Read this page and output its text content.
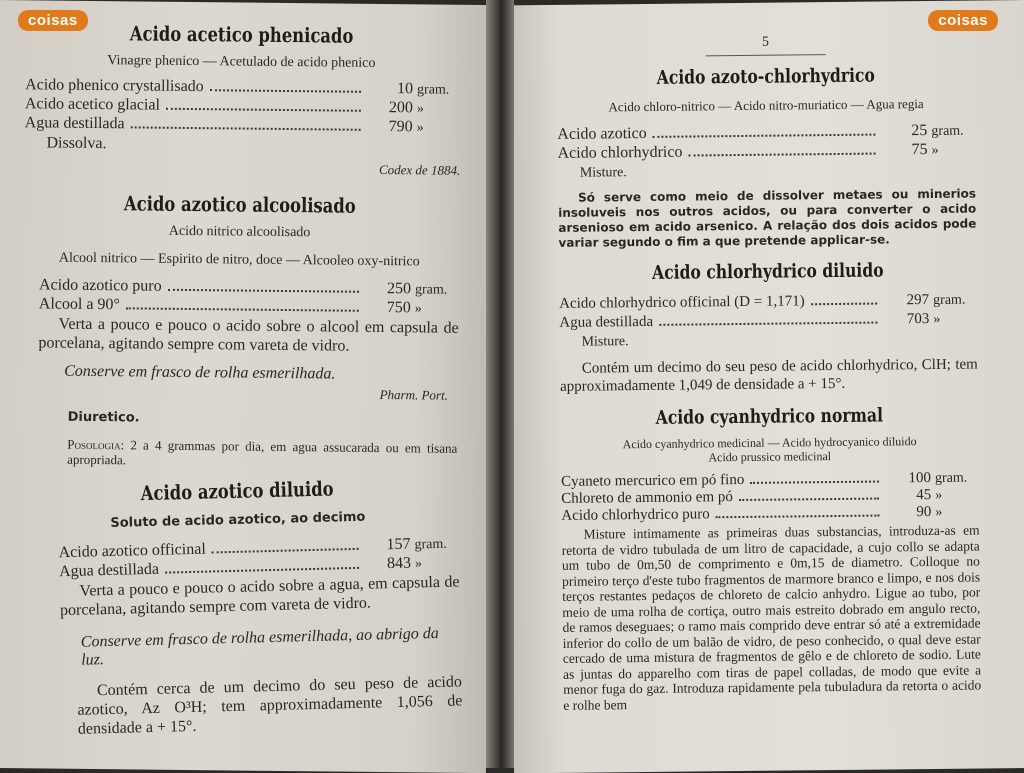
Acido acetico phenicado
Vinagre phenico — Acetulado de acido phenico
Acido phenico crystallisado	10 gram.
Acido acetico glacial	200 »
Agua destillada	790 »
Dissolva.
Codex de 1884.
Acido azotico alcoolisado
Acido nitrico alcoolisado
Alcool nitrico — Espirito de nitro, doce — Alcooleo oxy-nitrico
Acido azotico puro	250 gram.
Alcool a 90°	750 »
Verta a pouco e pouco o acido sobre o alcool em capsula de porcelana, agitando sempre com vareta de vidro.
Conserve em frasco de rolha esmerilhada.
Pharm. Port.
Diuretico.
Posologia: 2 a 4 grammas por dia, em agua assucarada ou em tisana apropriada.
Acido azotico diluido
Soluto de acido azotico, ao decimo
Acido azotico officinal	157 gram.
Agua destillada	843 »
Verta a pouco e pouco o acido sobre a agua, em capsula de porcelana, agitando sempre com vareta de vidro.
Conserve em frasco de rolha esmerilhada, ao abrigo da luz.
Contém cerca de um decimo do seu peso de acido azotico, Az O³H; tem approximadamente 1,056 de densidade a + 15°.
5
Acido azoto-chlorhydrico
Acido chloro-nitrico — Acido nitro-muriatico — Agua regia
Acido azotico	25 gram.
Acido chlorhydrico	75 »
Misture.
Só serve como meio de dissolver metaes ou minerios insoluveis nos outros acidos, ou para converter o acido arsenioso em acido arsenico. A relação dos dois acidos pode variar segundo o fim a que pretende applicar-se.
Acido chlorhydrico diluido
Acido chlorhydrico officinal (D = 1,171)	297 gram.
Agua destillada	703 »
Misture.
Contém um decimo do seu peso de acido chlorhydrico, ClH; tem approximadamente 1,049 de densidade a + 15°.
Acido cyanhydrico normal
Acido cyanhydrico medicinal — Acido hydrocyanico diluido
Acido prussico medicinal
Cyaneto mercurico em pó fino	100 gram.
Chloreto de ammonio em pó	45 »
Acido chlorhydrico puro	90 »
Misture intimamente as primeiras duas substancias, introduza-as em retorta de vidro tubulada de um litro de capacidade, a cujo collo se adapta um tubo de 0m,50 de comprimento e 0m,15 de diametro. Colloque no primeiro terço d'este tubo fragmentos de marmore branco e limpo, e nos dois terços restantes pedaços de chloreto de calcio anhydro. Ligue ao tubo, por meio de uma rolha de cortiça, outro mais estreito dobrado em angulo recto, de ramos deseguaes; o ramo mais comprido deve entrar só até a extremidade inferior do collo de um balão de vidro, de peso conhecido, o qual deve estar cercado de uma mistura de fragmentos de gêlo e de chloreto de sodio. Lute as juntas do apparelho com tiras de papel colladas, de modo que evite a menor fuga do gaz. Introduza rapidamente pela tubuladura da retorta o acido e rolhe bem
coisas	coisas
